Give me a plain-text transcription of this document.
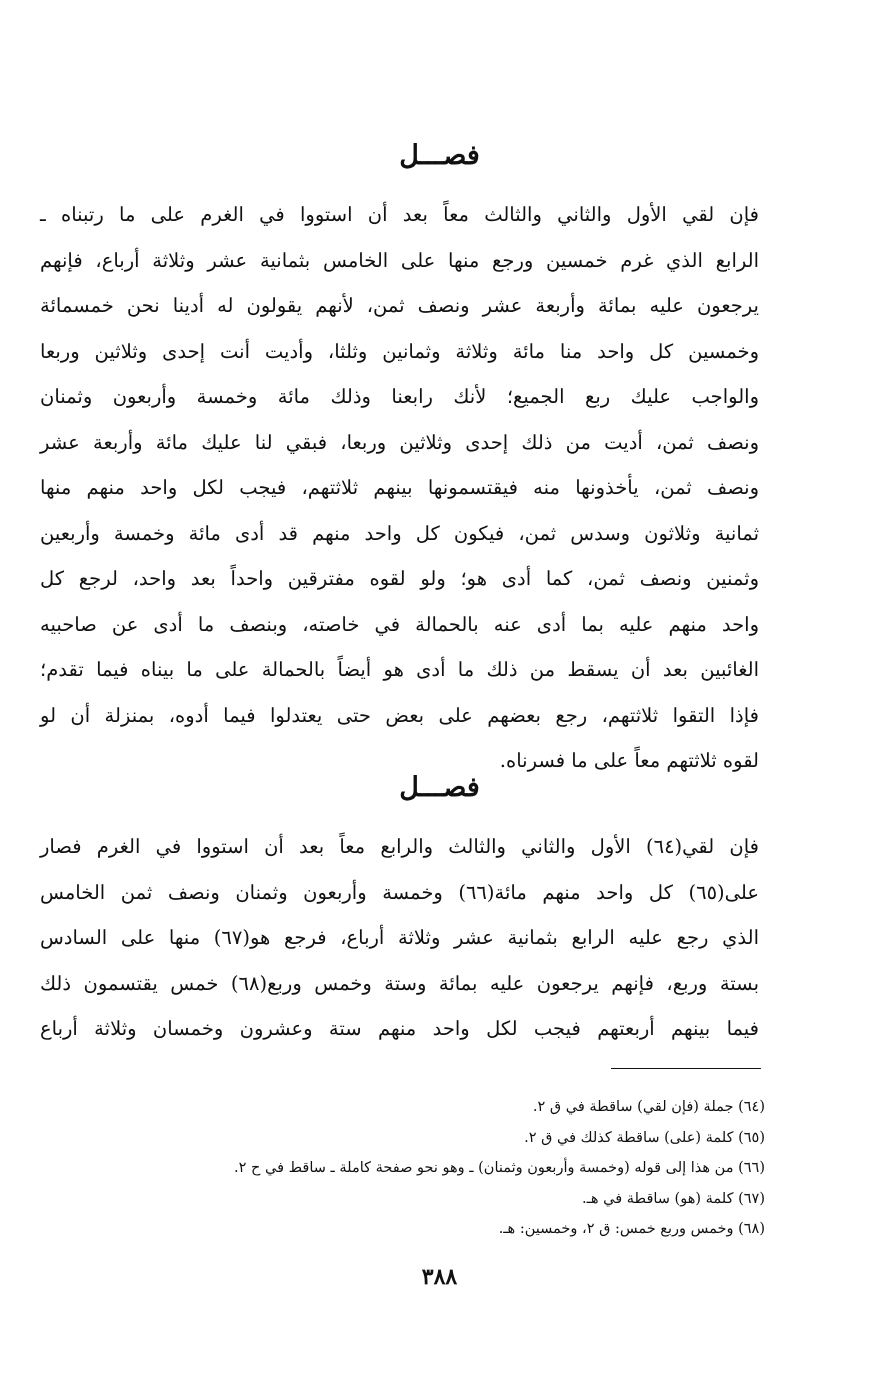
فصـــل
فإن لقي الأول والثاني والثالث معاً بعد أن استووا في الغرم على ما رتبناه ـ
الرابع الذي غرم خمسين ورجع منها على الخامس بثمانية عشر وثلاثة أرباع، فإنهم
يرجعون عليه بمائة وأربعة عشر ونصف ثمن، لأنهم يقولون له أدينا نحن خمسمائة
وخمسين كل واحد منا مائة وثلاثة وثمانين وثلثا، وأديت أنت إحدى وثلاثين وربعا
والواجب عليك ربع الجميع؛ لأنك رابعنا وذلك مائة وخمسة وأربعون وثمنان
ونصف ثمن، أديت من ذلك إحدى وثلاثين وربعا، فبقي لنا عليك مائة وأربعة عشر
ونصف ثمن، يأخذونها منه فيقتسمونها بينهم ثلاثتهم، فيجب لكل واحد منهم منها
ثمانية وثلاثون وسدس ثمن، فيكون كل واحد منهم قد أدى مائة وخمسة وأربعين
وثمنين ونصف ثمن، كما أدى هو؛ ولو لقوه مفترقين واحداً بعد واحد، لرجع كل
واحد منهم عليه بما أدى عنه بالحمالة في خاصته، وبنصف ما أدى عن صاحبيه
الغائبين بعد أن يسقط من ذلك ما أدى هو أيضاً بالحمالة على ما بيناه فيما تقدم؛
فإذا التقوا ثلاثتهم، رجع بعضهم على بعض حتى يعتدلوا فيما أدوه، بمنزلة أن لو
لقوه ثلاثتهم معاً على ما فسرناه.
فصـــل
فإن لقي(٦٤) الأول والثاني والثالث والرابع معاً بعد أن استووا في الغرم فصار
على(٦٥) كل واحد منهم مائة(٦٦) وخمسة وأربعون وثمنان ونصف ثمن الخامس
الذي رجع عليه الرابع بثمانية عشر وثلاثة أرباع، فرجع هو(٦٧) منها على السادس
بستة وربع، فإنهم يرجعون عليه بمائة وستة وخمس وربع(٦٨) خمس يقتسمون ذلك
فيما بينهم أربعتهم فيجب لكل واحد منهم ستة وعشرون وخمسان وثلاثة أرباع
(٦٤) جملة (فإن لقي) ساقطة في ق ٢.
(٦٥) كلمة (على) ساقطة كذلك في ق ٢.
(٦٦) من هذا إلى قوله (وخمسة وأربعون وثمنان) ـ وهو نحو صفحة كاملة ـ ساقط في ح ٢.
(٦٧) كلمة (هو) ساقطة في هـ.
(٦٨) وخمس وربع خمس: ق ٢، وخمسين: هـ.
٣٨٨
